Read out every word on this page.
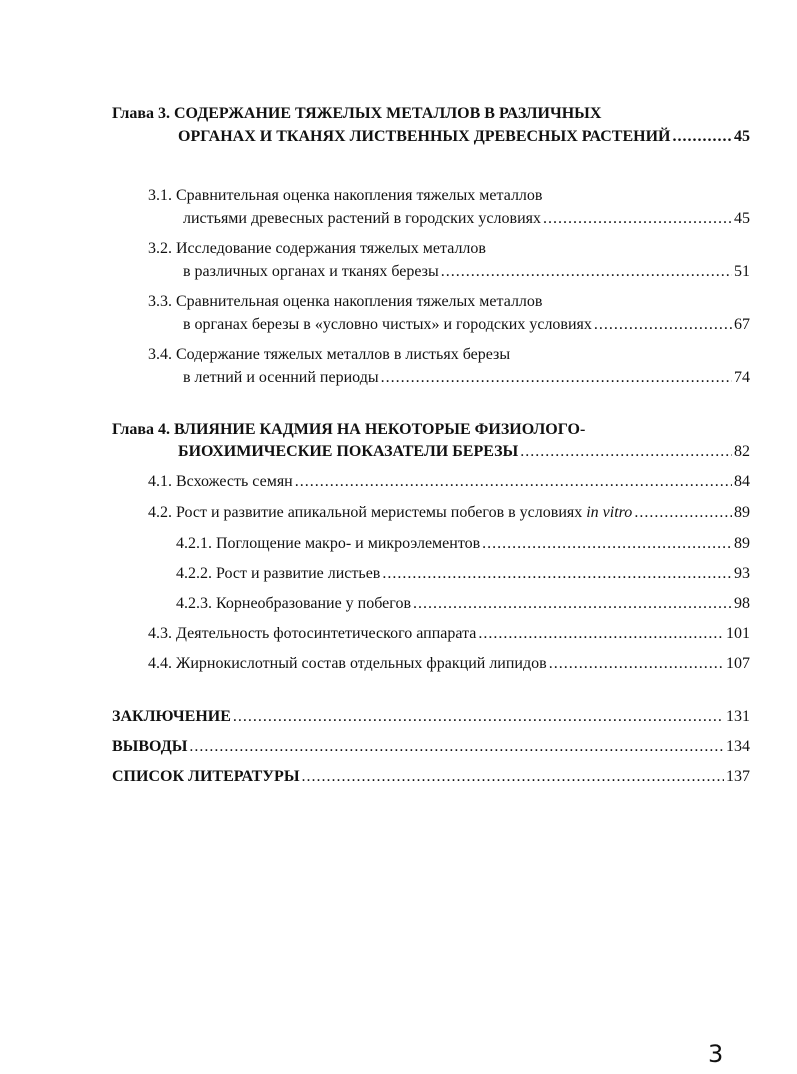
Глава 3. СОДЕРЖАНИЕ ТЯЖЕЛЫХ МЕТАЛЛОВ В РАЗЛИЧНЫХ
ОРГАНАХ И ТКАНЯХ ЛИСТВЕННЫХ ДРЕВЕСНЫХ РАСТЕНИЙ .....	45
3.1. Сравнительная оценка накопления тяжелых металлов
листьями древесных растений в городских условиях .....	45
3.2. Исследование содержания тяжелых металлов
в различных органах и тканях березы .....	51
3.3. Сравнительная оценка накопления тяжелых металлов
в органах березы в «условно чистых» и городских условиях .....	67
3.4. Содержание тяжелых металлов в листьях березы
в летний и осенний периоды .....	74
Глава 4. ВЛИЯНИЕ КАДМИЯ НА НЕКОТОРЫЕ ФИЗИОЛОГО-
БИОХИМИЧЕСКИЕ ПОКАЗАТЕЛИ БЕРЕЗЫ .....	82
4.1. Всхожесть семян .....	84
4.2. Рост и развитие апикальной меристемы побегов в условиях in vitro .....	89
4.2.1. Поглощение макро- и микроэлементов .....	89
4.2.2. Рост и развитие листьев .....	93
4.2.3. Корнеобразование у побегов .....	98
4.3. Деятельность фотосинтетического аппарата .....	101
4.4. Жирнокислотный состав отдельных фракций липидов .....	107
ЗАКЛЮЧЕНИЕ .....	131
ВЫВОДЫ .....	134
СПИСОК ЛИТЕРАТУРЫ .....	137
3
